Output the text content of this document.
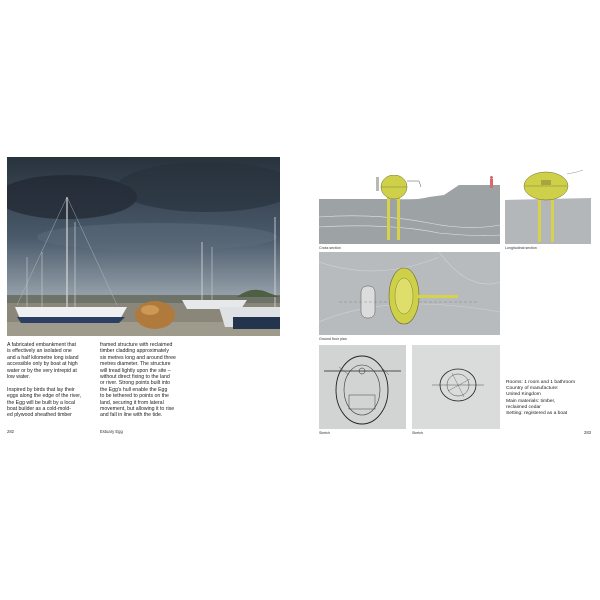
A fabricated embankment that
is effectively an isolated one
and a half kilometre long island
accessible only by boat at high
water or by the very intrepid at
low water.

Inspired by birds that lay their
eggs along the edge of the river,
the Egg will be built by a local
boat builder as a cold-mold-
ed plywood sheathed timber
framed structure with reclaimed
timber cladding approximately
six metres long and around three
metres diameter. The structure
will tread lightly upon the site –
without direct fixing to the land
or river. Strong points built into
the Egg's hull enable the Egg
to be tethered to points on the
land, securing it from lateral
movement, but allowing it to rise
and fall in line with the tide.
282	Estuary Egg
Cross section	Longitudinal section
Ground floor plan
Sketch	Sketch
Rooms: 1 room and 1 bathroom
Country of manufacture:
United Kingdom
Main materials: timber,
reclaimed cedar
Setting: registered as a boat
283
